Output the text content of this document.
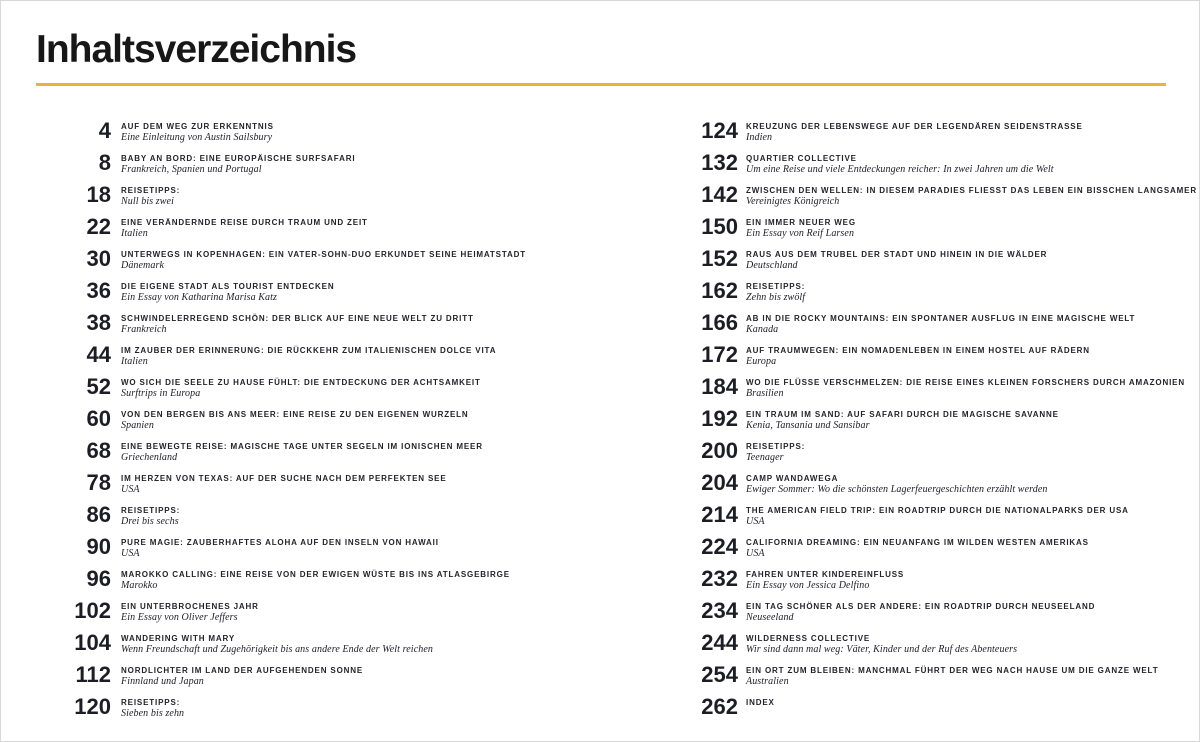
Inhaltsverzeichnis
4 AUF DEM WEG ZUR ERKENNTNIS
Eine Einleitung von Austin Sailsbury
8 BABY AN BORD: EINE EUROPÄISCHE SURFSAFARI
Frankreich, Spanien und Portugal
18 REISETIPPS:
Null bis zwei
22 EINE VERÄNDERNDE REISE DURCH TRAUM UND ZEIT
Italien
30 UNTERWEGS IN KOPENHAGEN: EIN VATER-SOHN-DUO ERKUNDET SEINE HEIMATSTADT
Dänemark
36 DIE EIGENE STADT ALS TOURIST ENTDECKEN
Ein Essay von Katharina Marisa Katz
38 SCHWINDELERREGEND SCHÖN: DER BLICK AUF EINE NEUE WELT ZU DRITT
Frankreich
44 IM ZAUBER DER ERINNERUNG: DIE RÜCKKEHR ZUM ITALIENISCHEN DOLCE VITA
Italien
52 WO SICH DIE SEELE ZU HAUSE FÜHLT: DIE ENTDECKUNG DER ACHTSAMKEIT
Surftrips in Europa
60 VON DEN BERGEN BIS ANS MEER: EINE REISE ZU DEN EIGENEN WURZELN
Spanien
68 EINE BEWEGTE REISE: MAGISCHE TAGE UNTER SEGELN IM IONISCHEN MEER
Griechenland
78 IM HERZEN VON TEXAS: AUF DER SUCHE NACH DEM PERFEKTEN SEE
USA
86 REISETIPPS:
Drei bis sechs
90 PURE MAGIE: ZAUBERHAFTES ALOHA AUF DEN INSELN VON HAWAII
USA
96 MAROKKO CALLING: EINE REISE VON DER EWIGEN WÜSTE BIS INS ATLASGEBIRGE
Marokko
102 EIN UNTERBROCHENES JAHR
Ein Essay von Oliver Jeffers
104 WANDERING WITH MARY
Wenn Freundschaft und Zugehörigkeit bis ans andere Ende der Welt reichen
112 NORDLICHTER IM LAND DER AUFGEHENDEN SONNE
Finnland und Japan
120 REISETIPPS:
Sieben bis zehn
124 KREUZUNG DER LEBENSWEGE AUF DER LEGENDÄREN SEIDENSTRASSE
Indien
132 QUARTIER COLLECTIVE
Um eine Reise und viele Entdeckungen reicher: In zwei Jahren um die Welt
142 ZWISCHEN DEN WELLEN: IN DIESEM PARADIES FLIESST DAS LEBEN EIN BISSCHEN LANGSAMER
Vereinigtes Königreich
150 EIN IMMER NEUER WEG
Ein Essay von Reif Larsen
152 RAUS AUS DEM TRUBEL DER STADT UND HINEIN IN DIE WÄLDER
Deutschland
162 REISETIPPS:
Zehn bis zwölf
166 AB IN DIE ROCKY MOUNTAINS: EIN SPONTANER AUSFLUG IN EINE MAGISCHE WELT
Kanada
172 AUF TRAUMWEGEN: EIN NOMADENLEBEN IN EINEM HOSTEL AUF RÄDERN
Europa
184 WO DIE FLÜSSE VERSCHMELZEN: DIE REISE EINES KLEINEN FORSCHERS DURCH AMAZONIEN
Brasilien
192 EIN TRAUM IM SAND: AUF SAFARI DURCH DIE MAGISCHE SAVANNE
Kenia, Tansania und Sansibar
200 REISETIPPS:
Teenager
204 CAMP WANDAWEGA
Ewiger Sommer: Wo die schönsten Lagerfeuergeschichten erzählt werden
214 THE AMERICAN FIELD TRIP: EIN ROADTRIP DURCH DIE NATIONALPARKS DER USA
USA
224 CALIFORNIA DREAMING: EIN NEUANFANG IM WILDEN WESTEN AMERIKAS
USA
232 FAHREN UNTER KINDEREINFLUSS
Ein Essay von Jessica Delfino
234 EIN TAG SCHÖNER ALS DER ANDERE: EIN ROADTRIP DURCH NEUSEELAND
Neuseeland
244 WILDERNESS COLLECTIVE
Wir sind dann mal weg: Väter, Kinder und der Ruf des Abenteuers
254 EIN ORT ZUM BLEIBEN: MANCHMAL FÜHRT DER WEG NACH HAUSE UM DIE GANZE WELT
Australien
262 INDEX
